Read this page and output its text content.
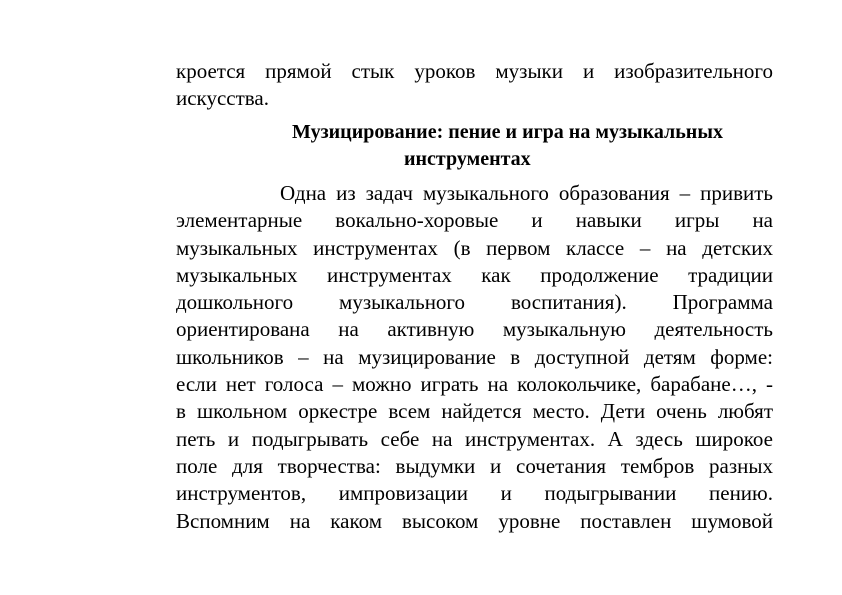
кроется прямой стык уроков музыки и изобразительного
искусства.
Музицирование: пение и игра на музыкальных
инструментах
Одна из задач музыкального образования – привить
элементарные вокально-хоровые и навыки игры на
музыкальных инструментах (в первом классе – на детских
музыкальных инструментах как продолжение традиции
дошкольного музыкального воспитания). Программа
ориентирована на активную музыкальную деятельность
школьников – на музицирование в доступной детям форме:
если нет голоса – можно играть на колокольчике, барабане…, -
в школьном оркестре всем найдется место. Дети очень любят
петь и подыгрывать себе на инструментах. А здесь широкое
поле для творчества: выдумки и сочетания тембров разных
инструментов, импровизации и подыгрывании пению.
Вспомним на каком высоком уровне поставлен шумовой
